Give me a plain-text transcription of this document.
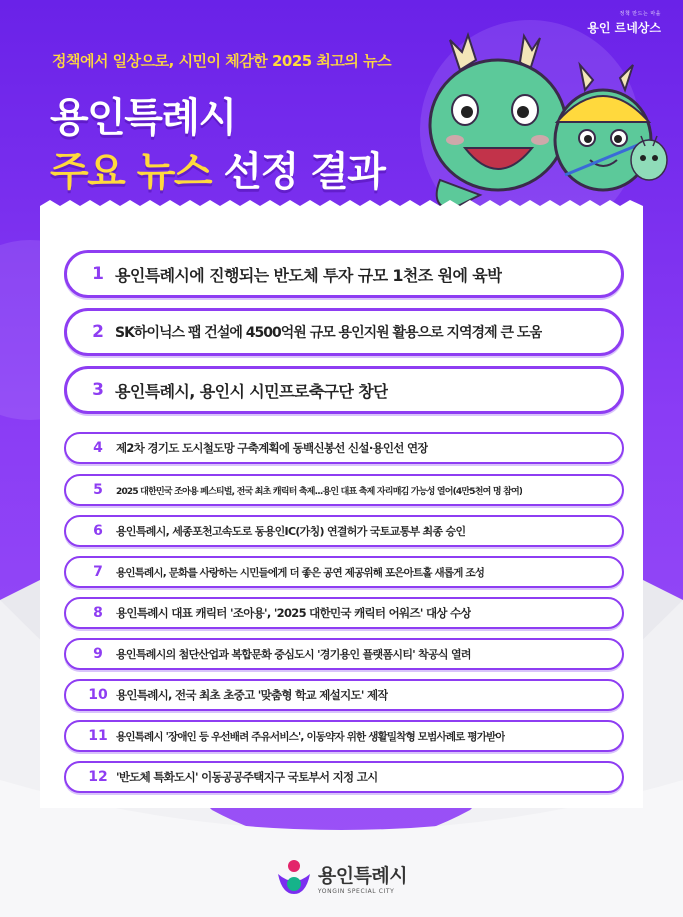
정책 만드는 마을
용인 르네상스
정책에서 일상으로, 시민이 체감한 2025 최고의 뉴스
용인특례시
주요 뉴스 선정 결과
1 용인특례시에 진행되는 반도체 투자 규모 1천조 원에 육박
2 SK하이닉스 팹 건설에 4500억원 규모 용인지원 활용으로 지역경제 큰 도움
3 용인특례시, 용인시 시민프로축구단 창단
4	제2차 경기도 도시철도망 구축계획에 동백신봉선 신설·용인선 연장
5	2025 대한민국 조아용 페스티벌, 전국 최초 캐릭터 축제...용인 대표 축제 자리매김 가능성 열어(4만5천여 명 참여)
6	용인특례시, 세종포천고속도로 동용인IC(가칭) 연결허가 국토교통부 최종 승인
7	용인특례시, 문화를 사랑하는 시민들에게 더 좋은 공연 제공위해 포은아트홀 새롭게 조성
8	용인특례시 대표 캐릭터 '조아용', '2025 대한민국 캐릭터 어워즈' 대상 수상
9	용인특례시의 첨단산업과 복합문화 중심도시 '경기용인 플랫폼시티' 착공식 열려
10 용인특례시, 전국 최초 초중고 '맞춤형 학교 제설지도' 제작
11 용인특례시 '장애인 등 우선배려 주유서비스', 이동약자 위한 생활밀착형 모범사례로 평가받아
12 '반도체 특화도시' 이동공공주택지구 국토부서 지정 고시
용인특례시
YONGIN SPECIAL CITY
